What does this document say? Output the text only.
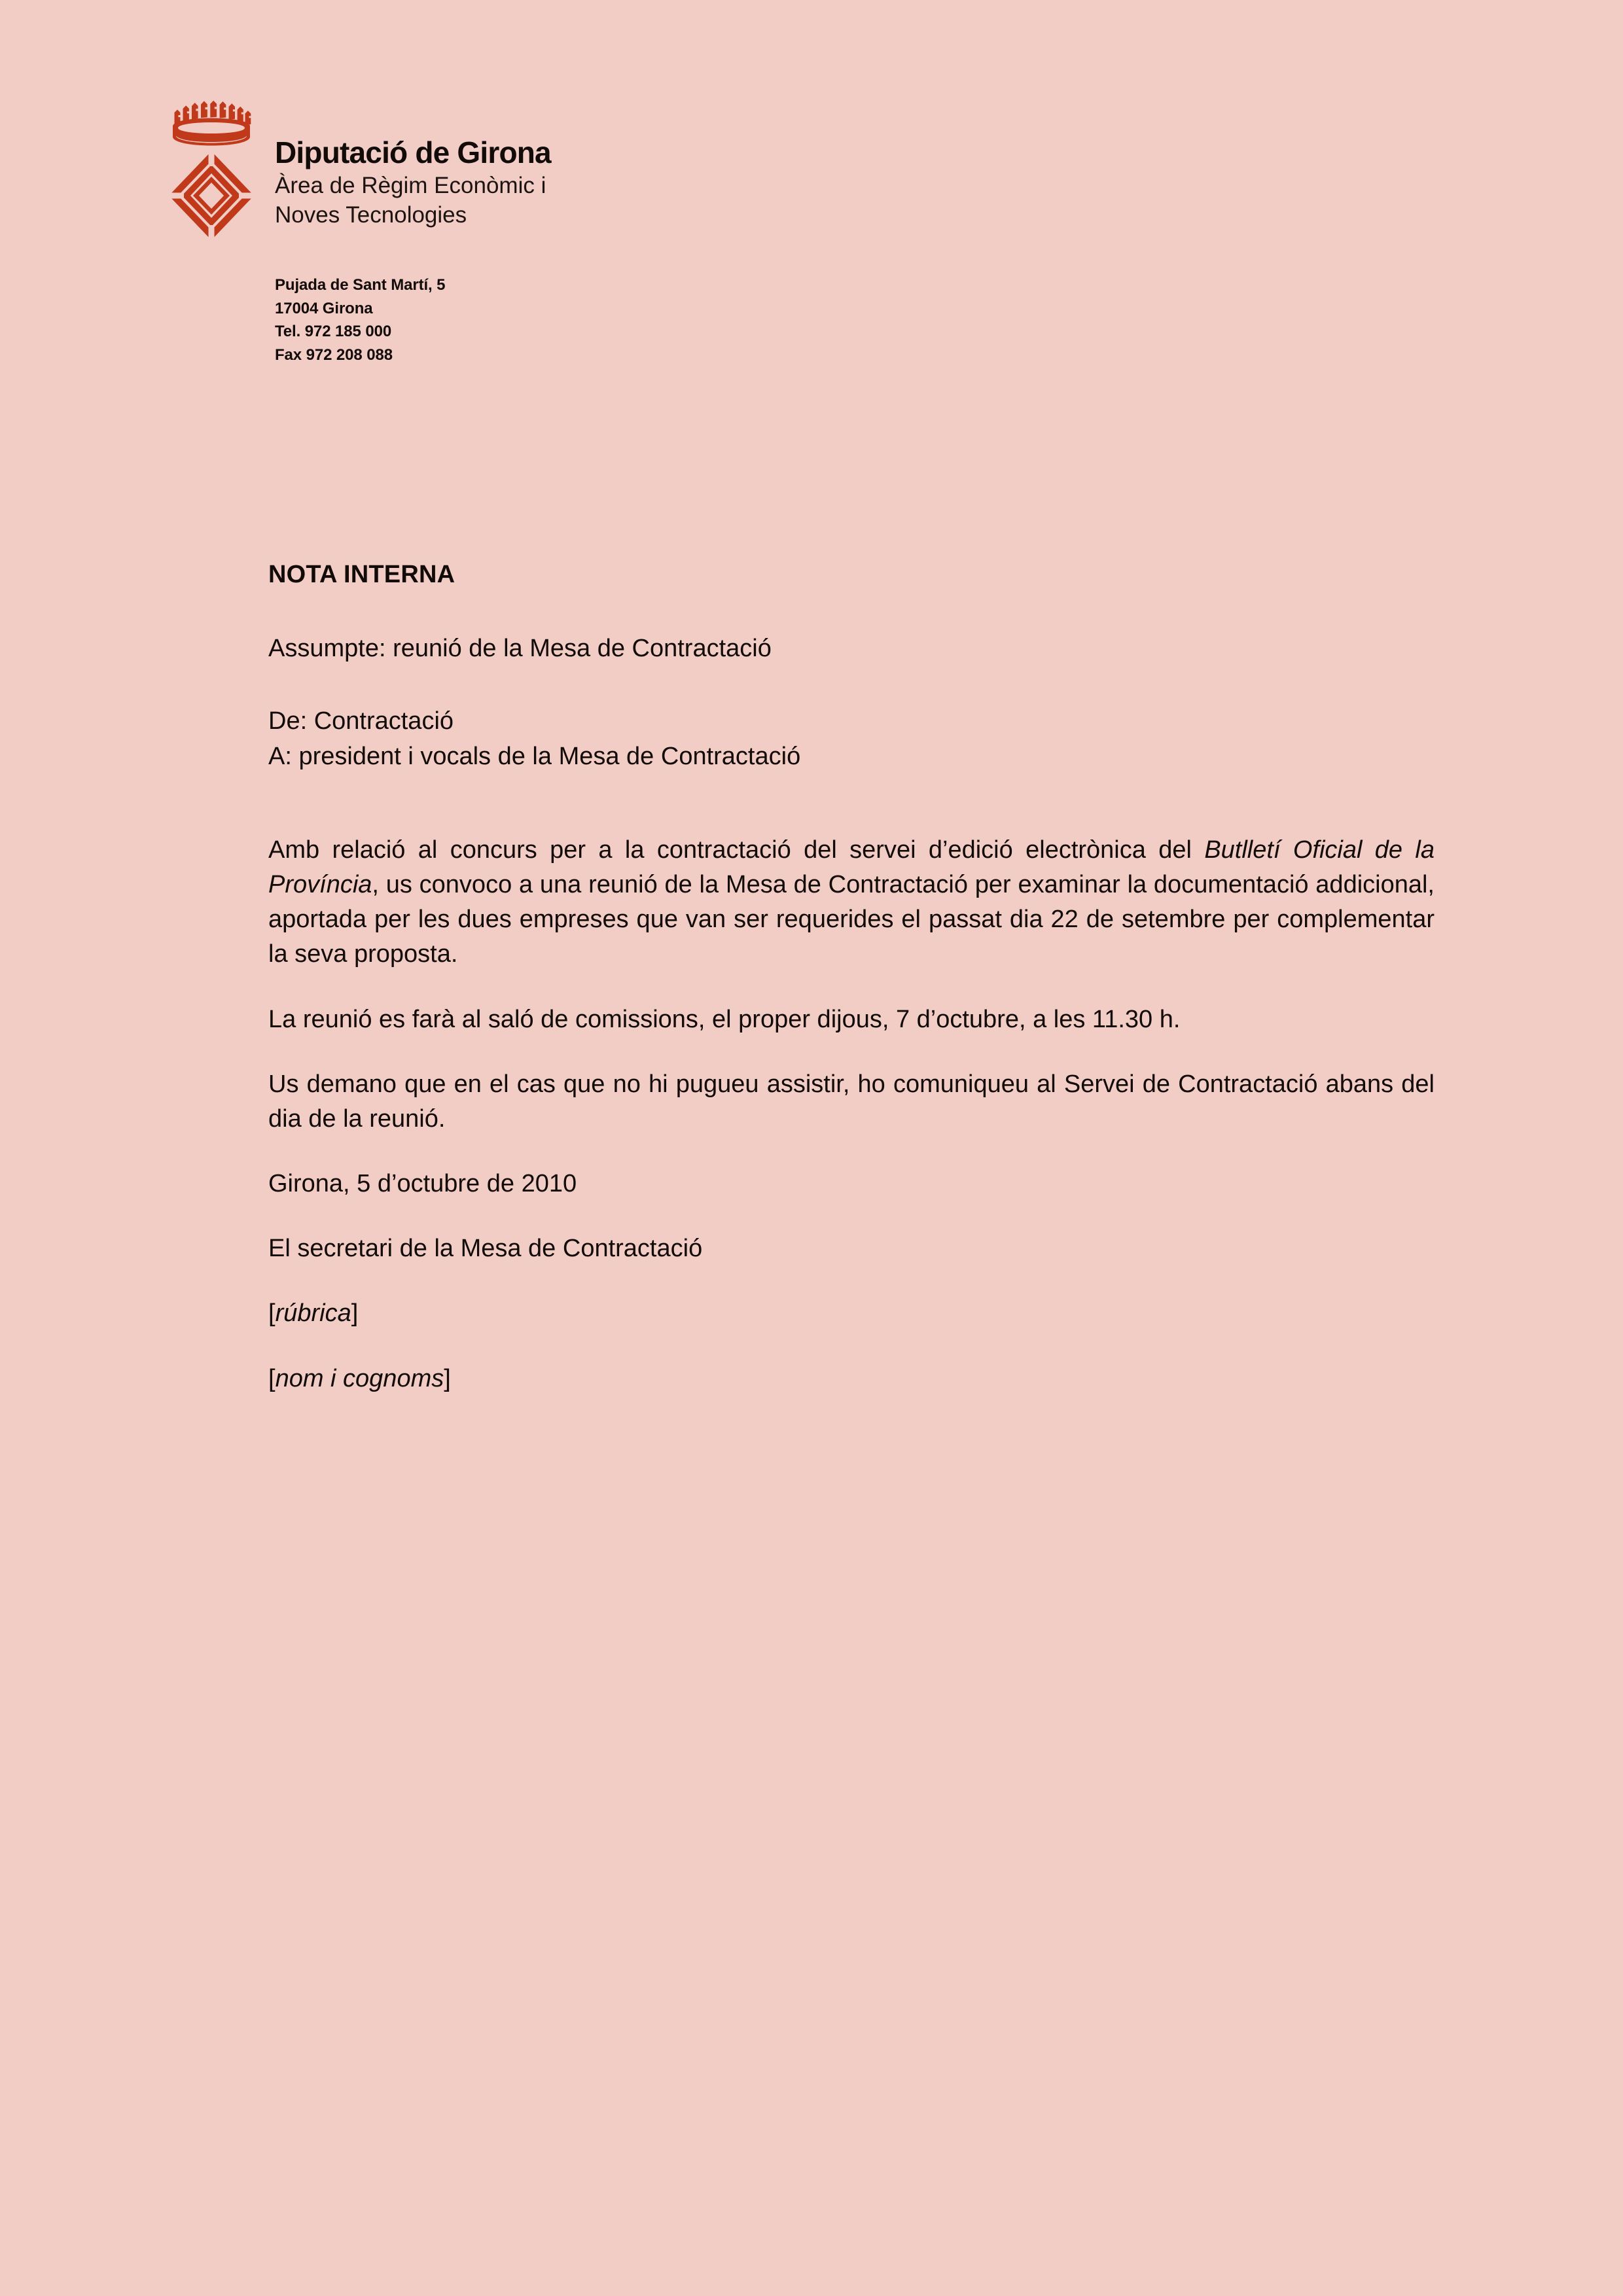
Diputació de Girona
Àrea de Règim Econòmic i
Noves Tecnologies
Pujada de Sant Martí, 5
17004 Girona
Tel. 972 185 000
Fax 972 208 088
NOTA INTERNA
Assumpte: reunió de la Mesa de Contractació
De: Contractació
A: president i vocals de la Mesa de Contractació

Amb relació al concurs per a la contractació del servei d’edició electrònica del Butlletí Oficial de la Província, us convoco a una reunió de la Mesa de Contractació per examinar la documentació addicional, aportada per les dues empreses que van ser requerides el passat dia 22 de setembre per complementar la seva proposta.

La reunió es farà al saló de comissions, el proper dijous, 7 d’octubre, a les 11.30 h.

Us demano que en el cas que no hi pugueu assistir, ho comuniqueu al Servei de Contractació abans del dia de la reunió.

Girona, 5 d’octubre de 2010

El secretari de la Mesa de Contractació

[rúbrica]
[nom i cognoms]
